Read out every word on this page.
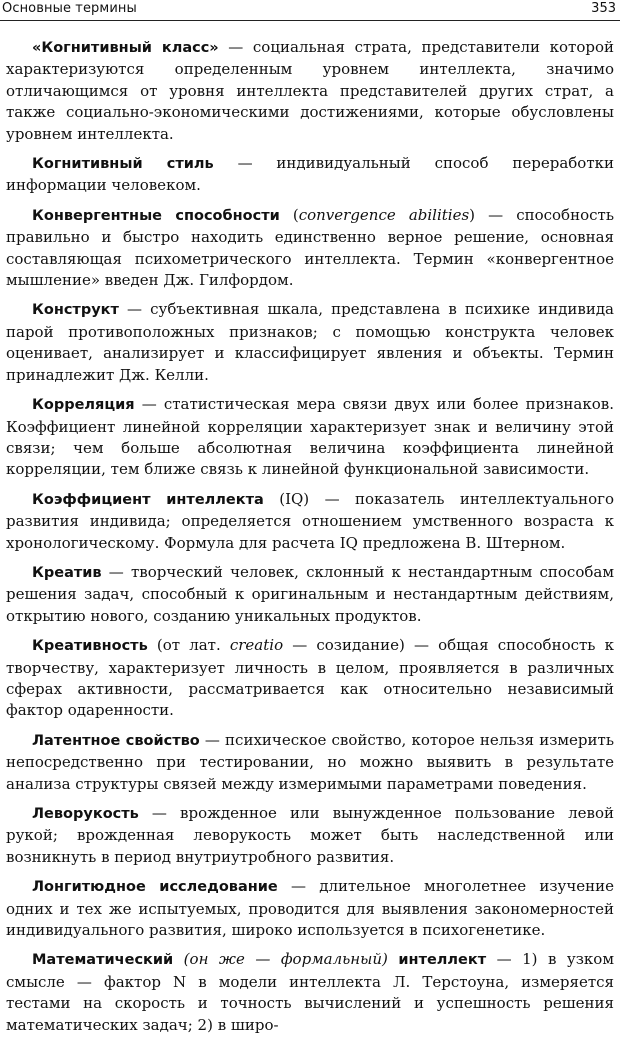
Основные термины	353

«Когнитивный класс» — социальная страта, представители которой характеризуются определенным уровнем интеллекта, значимо отличающимся от уровня интеллекта представителей других страт, а также социально-экономическими достижениями, которые обусловлены уровнем интеллекта.

Когнитивный стиль — индивидуальный способ переработки информации человеком.

Конвергентные способности (convergence abilities) — способность правильно и быстро находить единственно верное решение, основная составляющая психометрического интеллекта. Термин «конвергентное мышление» введен Дж. Гилфордом.

Конструкт — субъективная шкала, представлена в психике индивида парой противоположных признаков; с помощью конструкта человек оценивает, анализирует и классифицирует явления и объекты. Термин принадлежит Дж. Келли.

Корреляция — статистическая мера связи двух или более признаков. Коэффициент линейной корреляции характеризует знак и величину этой связи; чем больше абсолютная величина коэффициента линейной корреляции, тем ближе связь к линейной функциональной зависимости.

Коэффициент интеллекта (IQ) — показатель интеллектуального развития индивида; определяется отношением умственного возраста к хронологическому. Формула для расчета IQ предложена В. Штерном.

Креатив — творческий человек, склонный к нестандартным способам решения задач, способный к оригинальным и нестандартным действиям, открытию нового, созданию уникальных продуктов.

Креативность (от лат. creatio — созидание) — общая способность к творчеству, характеризует личность в целом, проявляется в различных сферах активности, рассматривается как относительно независимый фактор одаренности.

Латентное свойство — психическое свойство, которое нельзя измерить непосредственно при тестировании, но можно выявить в результате анализа структуры связей между измеримыми параметрами поведения.

Леворукость — врожденное или вынужденное пользование левой рукой; врожденная леворукость может быть наследственной или возникнуть в период внутриутробного развития.

Лонгитюдное исследование — длительное многолетнее изучение одних и тех же испытуемых, проводится для выявления закономерностей индивидуального развития, широко используется в психогенетике.

Математический (он же — формальный) интеллект — 1) в узком смысле — фактор N в модели интеллекта Л. Терстоуна, измеряется тестами на скорость и точность вычислений и успешность решения математических задач; 2) в широ-
